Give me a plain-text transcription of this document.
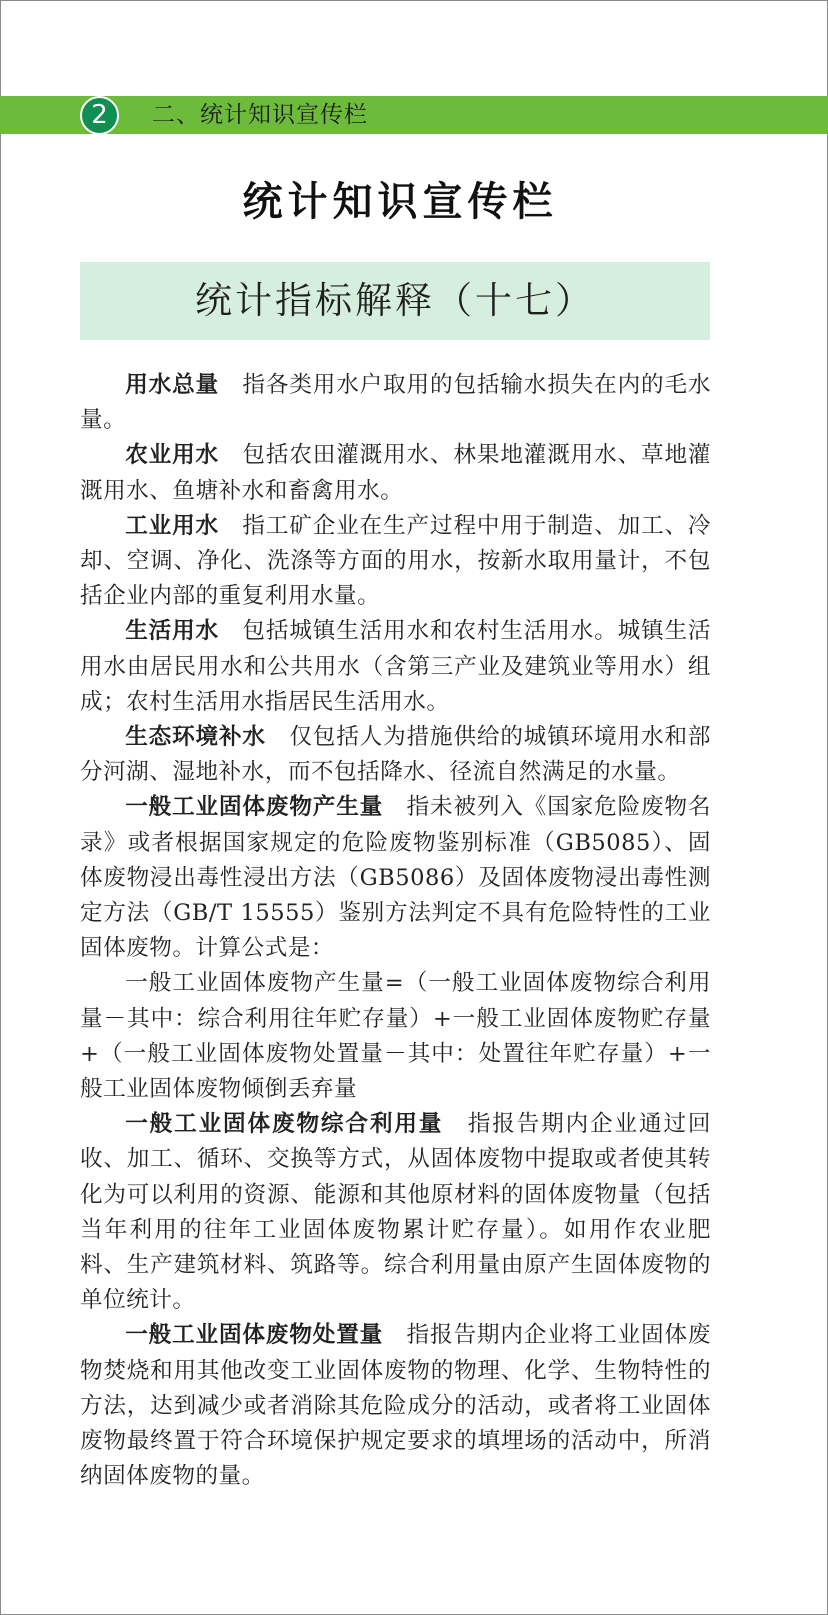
2	二、统计知识宣传栏
统计知识宣传栏
统计指标解释（十七）

用水总量　指各类用水户取用的包括输水损失在内的毛水量。

农业用水　包括农田灌溉用水、林果地灌溉用水、草地灌溉用水、鱼塘补水和畜禽用水。

工业用水　指工矿企业在生产过程中用于制造、加工、冷却、空调、净化、洗涤等方面的用水，按新水取用量计，不包括企业内部的重复利用水量。

生活用水　包括城镇生活用水和农村生活用水。城镇生活用水由居民用水和公共用水（含第三产业及建筑业等用水）组成；农村生活用水指居民生活用水。

生态环境补水　仅包括人为措施供给的城镇环境用水和部分河湖、湿地补水，而不包括降水、径流自然满足的水量。

一般工业固体废物产生量　指未被列入《国家危险废物名录》或者根据国家规定的危险废物鉴别标准（GB5085）、固体废物浸出毒性浸出方法（GB5086）及固体废物浸出毒性测定方法（GB/T 15555）鉴别方法判定不具有危险特性的工业固体废物。计算公式是：

一般工业固体废物产生量=（一般工业固体废物综合利用量－其中：综合利用往年贮存量）+一般工业固体废物贮存量+（一般工业固体废物处置量－其中：处置往年贮存量）+一般工业固体废物倾倒丢弃量

一般工业固体废物综合利用量　指报告期内企业通过回收、加工、循环、交换等方式，从固体废物中提取或者使其转化为可以利用的资源、能源和其他原材料的固体废物量（包括当年利用的往年工业固体废物累计贮存量）。如用作农业肥料、生产建筑材料、筑路等。综合利用量由原产生固体废物的单位统计。

一般工业固体废物处置量　指报告期内企业将工业固体废物焚烧和用其他改变工业固体废物的物理、化学、生物特性的方法，达到减少或者消除其危险成分的活动，或者将工业固体废物最终置于符合环境保护规定要求的填埋场的活动中，所消纳固体废物的量。
